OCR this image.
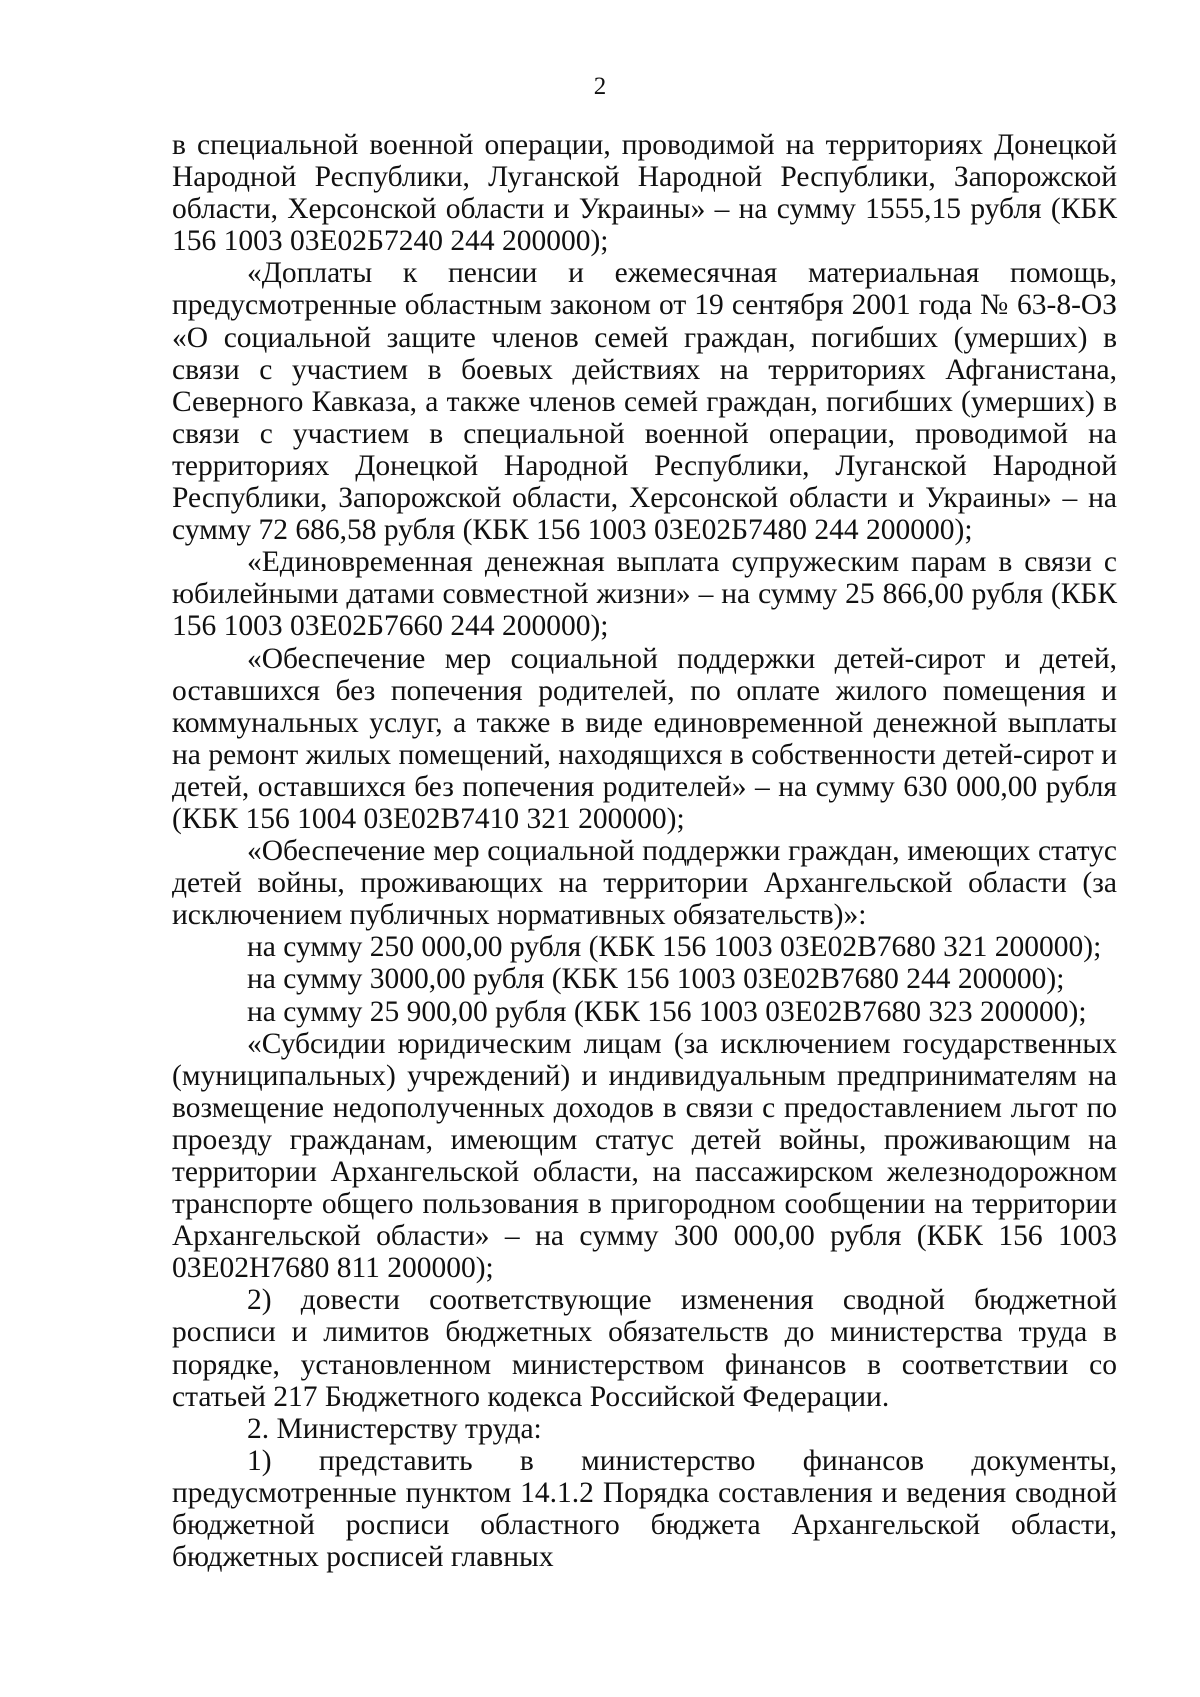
2

в специальной военной операции, проводимой на территориях Донецкой Народной Республики, Луганской Народной Республики, Запорожской области, Херсонской области и Украины» – на сумму 1555,15 рубля (КБК 156 1003 03Е02Б7240 244 200000);

«Доплаты к пенсии и ежемесячная материальная помощь, предусмотренные областным законом от 19 сентября 2001 года № 63-8-ОЗ «О социальной защите членов семей граждан, погибших (умерших) в связи с участием в боевых действиях на территориях Афганистана, Северного Кавказа, а также членов семей граждан, погибших (умерших) в связи с участием в специальной военной операции, проводимой на территориях Донецкой Народной Республики, Луганской Народной Республики, Запорожской области, Херсонской области и Украины» – на сумму 72 686,58 рубля (КБК 156 1003 03Е02Б7480 244 200000);

«Единовременная денежная выплата супружеским парам в связи с юбилейными датами совместной жизни» – на сумму 25 866,00 рубля (КБК 156 1003 03Е02Б7660 244 200000);

«Обеспечение мер социальной поддержки детей-сирот и детей, оставшихся без попечения родителей, по оплате жилого помещения и коммунальных услуг, а также в виде единовременной денежной выплаты на ремонт жилых помещений, находящихся в собственности детей-сирот и детей, оставшихся без попечения родителей» – на сумму 630 000,00 рубля (КБК 156 1004 03Е02В7410 321 200000);

«Обеспечение мер социальной поддержки граждан, имеющих статус детей войны, проживающих на территории Архангельской области (за исключением публичных нормативных обязательств)»:

на сумму 250 000,00 рубля (КБК 156 1003 03Е02В7680 321 200000);

на сумму 3000,00 рубля (КБК 156 1003 03Е02В7680 244 200000);

на сумму 25 900,00 рубля (КБК 156 1003 03Е02В7680 323 200000);

«Субсидии юридическим лицам (за исключением государственных (муниципальных) учреждений) и индивидуальным предпринимателям на возмещение недополученных доходов в связи с предоставлением льгот по проезду гражданам, имеющим статус детей войны, проживающим на территории Архангельской области, на пассажирском железнодорожном транспорте общего пользования в пригородном сообщении на территории Архангельской области» – на сумму 300 000,00 рубля (КБК 156 1003 03Е02Н7680 811 200000);

2) довести соответствующие изменения сводной бюджетной росписи и лимитов бюджетных обязательств до министерства труда в порядке, установленном министерством финансов в соответствии со статьей 217 Бюджетного кодекса Российской Федерации.

2. Министерству труда:

1) представить в министерство финансов документы, предусмотренные пунктом 14.1.2 Порядка составления и ведения сводной бюджетной росписи областного бюджета Архангельской области, бюджетных росписей главных
